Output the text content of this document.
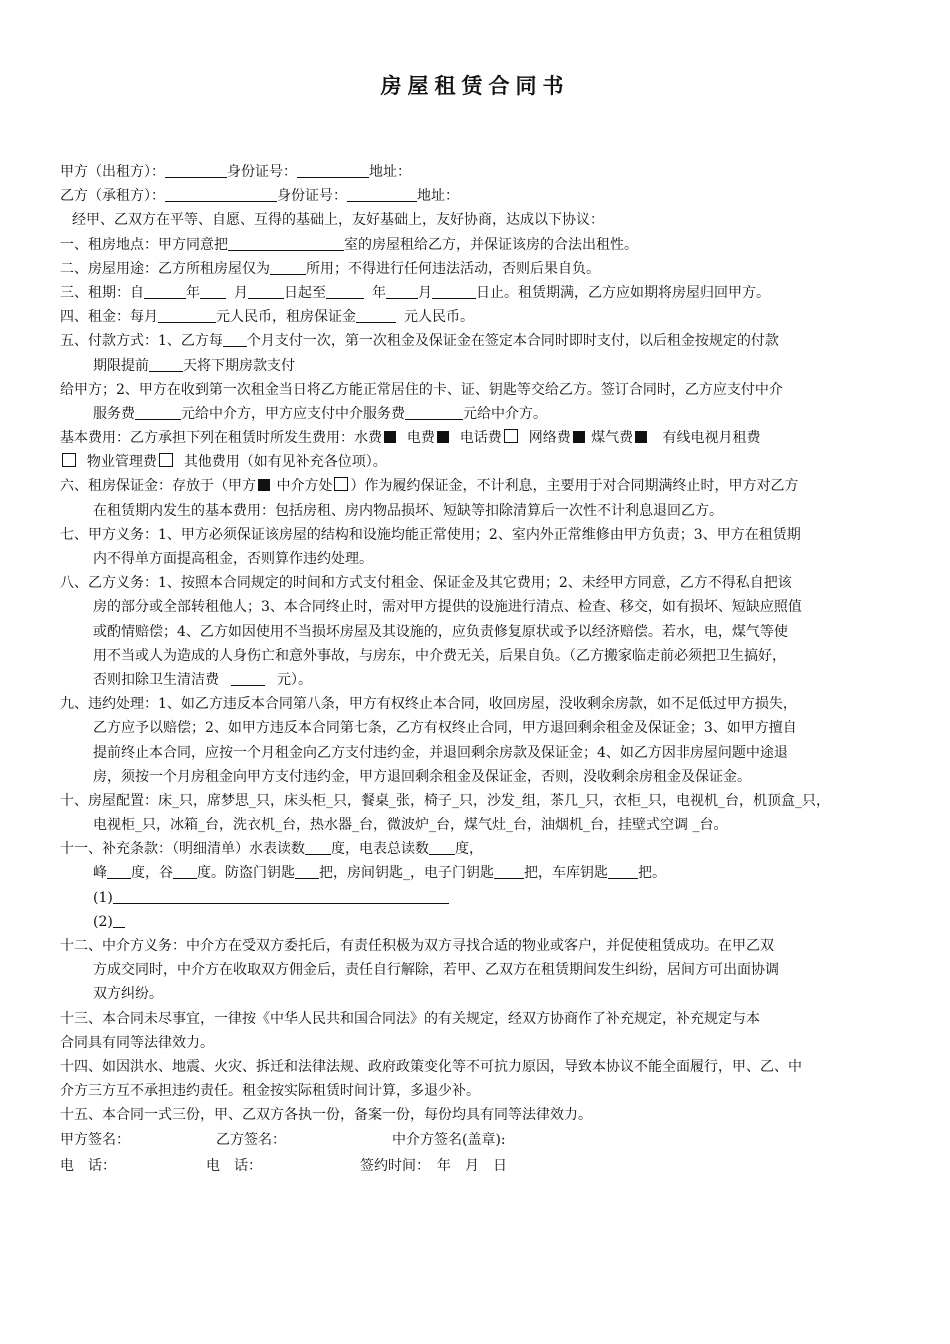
房屋租赁合同书
甲方（出租方）：	身份证号：	地址：
乙方（承租方）：	身份证号：	地址：
经甲、乙双方在平等、自愿、互得的基础上，友好基础上，友好协商，达成以下协议：
一、租房地点：甲方同意把	室的房屋租给乙方，并保证该房的合法出租性。
二、房屋用途：乙方所租房屋仅为	所用；不得进行任何违法活动，否则后果自负。
三、租期：自	年 月	日起至	年 月	日止。租赁期满，乙方应如期将房屋归回甲方。
四、租金：每月	元人民币，租房保证金	元人民币。
五、付款方式：1、乙方每 个月支付一次，第一次租金及保证金在签定本合同时即时支付，以后租金按规定的付款
期限提前 天将下期房款支付
给甲方；2、甲方在收到第一次租金当日将乙方能正常居住的卡、证、钥匙等交给乙方。签订合同时，乙方应支付中介
服务费	元给中介方，甲方应支付中介服务费	元给中介方。
基本费用：乙方承担下列在租赁时所发生费用：水费 电费 电话费 网络费 煤气费 有线电视月租费
物业管理费 其他费用（如有见补充各位项）。
六、租房保证金：存放于（甲方 中介方处 ）作为履约保证金，不计利息，主要用于对合同期满终止时，甲方对乙方
在租赁期内发生的基本费用：包括房租、房内物品损坏、短缺等扣除清算后一次性不计利息退回乙方。
七、甲方义务：1、甲方必须保证该房屋的结构和设施均能正常使用；2、室内外正常维修由甲方负责；3、甲方在租赁期
内不得单方面提高租金，否则算作违约处理。
八、乙方义务：1、按照本合同规定的时间和方式支付租金、保证金及其它费用；2、未经甲方同意，乙方不得私自把该
房的部分或全部转租他人；3、本合同终止时，需对甲方提供的设施进行清点、检查、移交，如有损坏、短缺应照值
或酌情赔偿；4、乙方如因使用不当损坏房屋及其设施的，应负责修复原状或予以经济赔偿。若水，电，煤气等使
用不当或人为造成的人身伤亡和意外事故，与房东，中介费无关，后果自负。（乙方搬家临走前必须把卫生搞好，
否则扣除卫生清洁费	元）。
九、违约处理：1、如乙方违反本合同第八条，甲方有权终止本合同，收回房屋，没收剩余房款，如不足低过甲方损失，
乙方应予以赔偿；2、如甲方违反本合同第七条，乙方有权终止合同，甲方退回剩余租金及保证金；3、如甲方擅自
提前终止本合同，应按一个月租金向乙方支付违约金，并退回剩余房款及保证金；4、如乙方因非房屋问题中途退
房，须按一个月房租金向甲方支付违约金，甲方退回剩余租金及保证金，否则，没收剩余房租金及保证金。
十、房屋配置：床_只，席梦思_只，床头柜_只，餐桌_张，椅子_只，沙发_组，茶几_只，衣柜_只，电视机_台，机顶盒_只，
电视柜_只，冰箱_台，洗衣机_台，热水器_台，微波炉_台，煤气灶_台，油烟机_台，挂壁式空调 _台。
十一、补充条款：（明细清单）水表读数 度，电表总读数 度，
峰 度，谷 度。防盗门钥匙 把，房间钥匙_，电子门钥匙 把，车库钥匙 把。
(1)
(2)
十二、中介方义务：中介方在受双方委托后，有责任积极为双方寻找合适的物业或客户，并促使租赁成功。在甲乙双
方成交同时，中介方在收取双方佣金后，责任自行解除，若甲、乙双方在租赁期间发生纠纷，居间方可出面协调
双方纠纷。
十三、本合同未尽事宜，一律按《中华人民共和国合同法》的有关规定，经双方协商作了补充规定，补充规定与本
合同具有同等法律效力。
十四、如因洪水、地震、火灾、拆迁和法律法规、政府政策变化等不可抗力原因，导致本协议不能全面履行，甲、乙、中
介方三方互不承担违约责任。租金按实际租赁时间计算，多退少补。
十五、本合同一式三份，甲、乙双方各执一份，备案一份，每份均具有同等法律效力。
甲方签名：	乙方签名：	中介方签名(盖章):
电　话：	电　话：	签约时间：　年　月　日
